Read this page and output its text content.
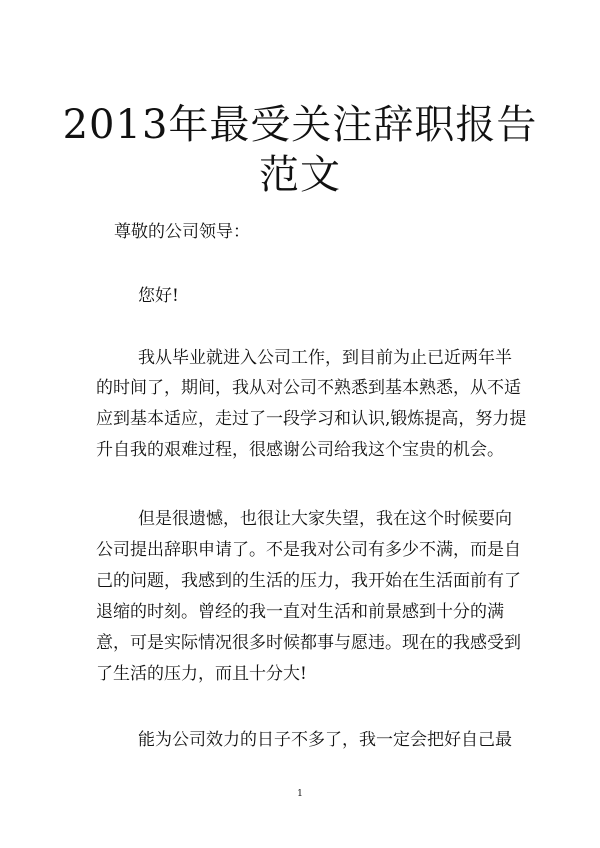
2013年最受关注辞职报告
范文
尊敬的公司领导：
您好!
我从毕业就进入公司工作，到目前为止已近两年半
的时间了，期间，我从对公司不熟悉到基本熟悉，从不适
应到基本适应，走过了一段学习和认识,锻炼提高，努力提
升自我的艰难过程，很感谢公司给我这个宝贵的机会。
但是很遗憾，也很让大家失望，我在这个时候要向
公司提出辞职申请了。不是我对公司有多少不满，而是自
己的问题，我感到的生活的压力，我开始在生活面前有了
退缩的时刻。曾经的我一直对生活和前景感到十分的满
意，可是实际情况很多时候都事与愿违。现在的我感受到
了生活的压力，而且十分大!
能为公司效力的日子不多了，我一定会把好自己最
1
